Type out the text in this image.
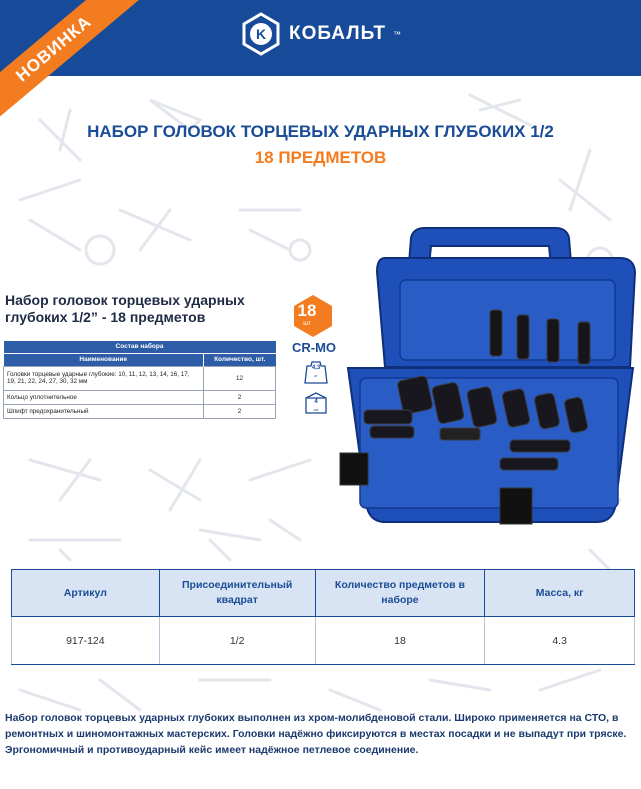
K КОБАЛЬТ ™
НОВИНКА
НАБОР ГОЛОВОК ТОРЦЕВЫХ УДАРНЫХ ГЛУБОКИХ 1/2
18 ПРЕДМЕТОВ
Набор головок торцевых ударных глубоких 1/2” - 18 предметов
Состав набора	
Наименование	Количество, шт.
Головки торцевые ударные глубокие: 10, 11, 12, 13, 14, 16, 17, 19, 21, 22, 24, 27, 30, 32 мм	12
Кольцо уплотнительное	2
Шпифт предохранительный	2
18
шт
CR-MO
4,3
кг
4
шт
Артикул	Присоединительный квадрат	Количество предметов в наборе	Масса, кг
917-124	1/2	18	4.3
Набор головок торцевых ударных глубоких выполнен из хром-молибденовой стали. Широко применяется на СТО, в ремонтных и шиномонтажных мастерских. Головки надёжно фиксируются в местах посадки и не выпадут при тряске. Эргономичный и противоударный кейс имеет надёжное петлевое соединение.
